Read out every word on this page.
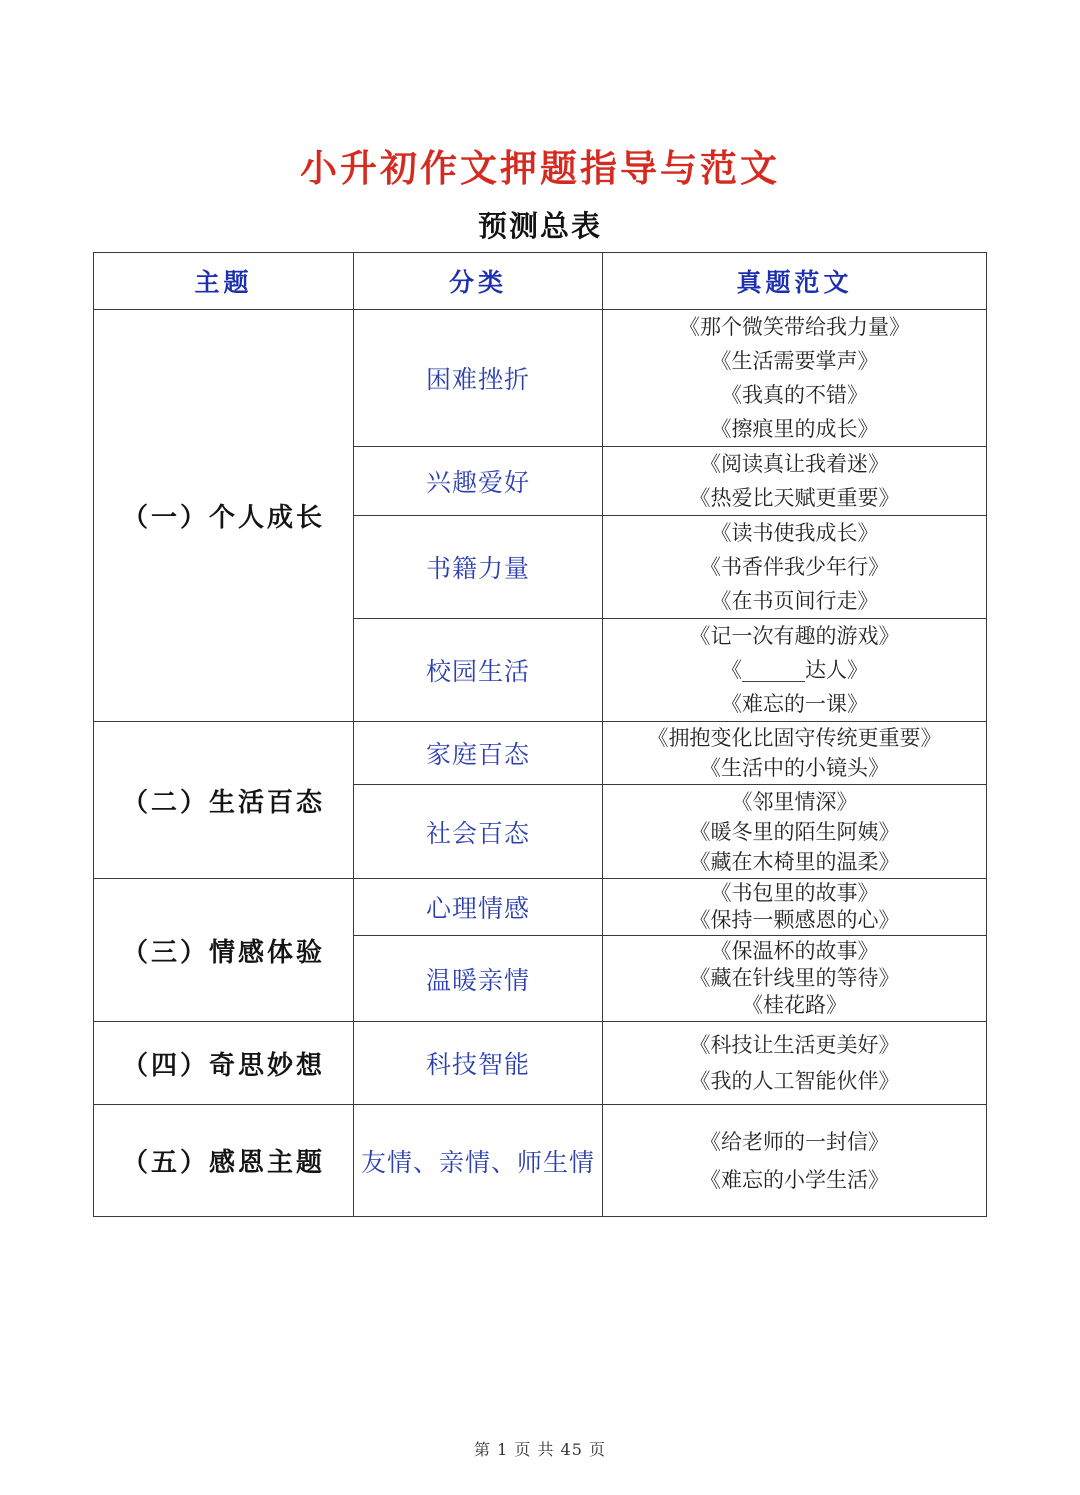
小升初作文押题指导与范文
预测总表
主题	分类	真题范文
（一）个人成长	困难挫折	《那个微笑带给我力量》
《生活需要掌声》
《我真的不错》
《擦痕里的成长》

	兴趣爱好	《阅读真让我着迷》
《热爱比天赋更重要》

	书籍力量	《读书使我成长》
《书香伴我少年行》
《在书页间行走》

	校园生活	《记一次有趣的游戏》
《______达人》
《难忘的一课》

（二）生活百态	家庭百态	《拥抱变化比固守传统更重要》
《生活中的小镜头》

	社会百态	《邻里情深》
《暖冬里的陌生阿姨》
《藏在木椅里的温柔》

（三）情感体验	心理情感	《书包里的故事》
《保持一颗感恩的心》

	温暖亲情	《保温杯的故事》
《藏在针线里的等待》
《桂花路》

（四）奇思妙想	科技智能	《科技让生活更美好》
《我的人工智能伙伴》

（五）感恩主题	友情、亲情、师生情	《给老师的一封信》
《难忘的小学生活》
第 1 页 共 45 页
